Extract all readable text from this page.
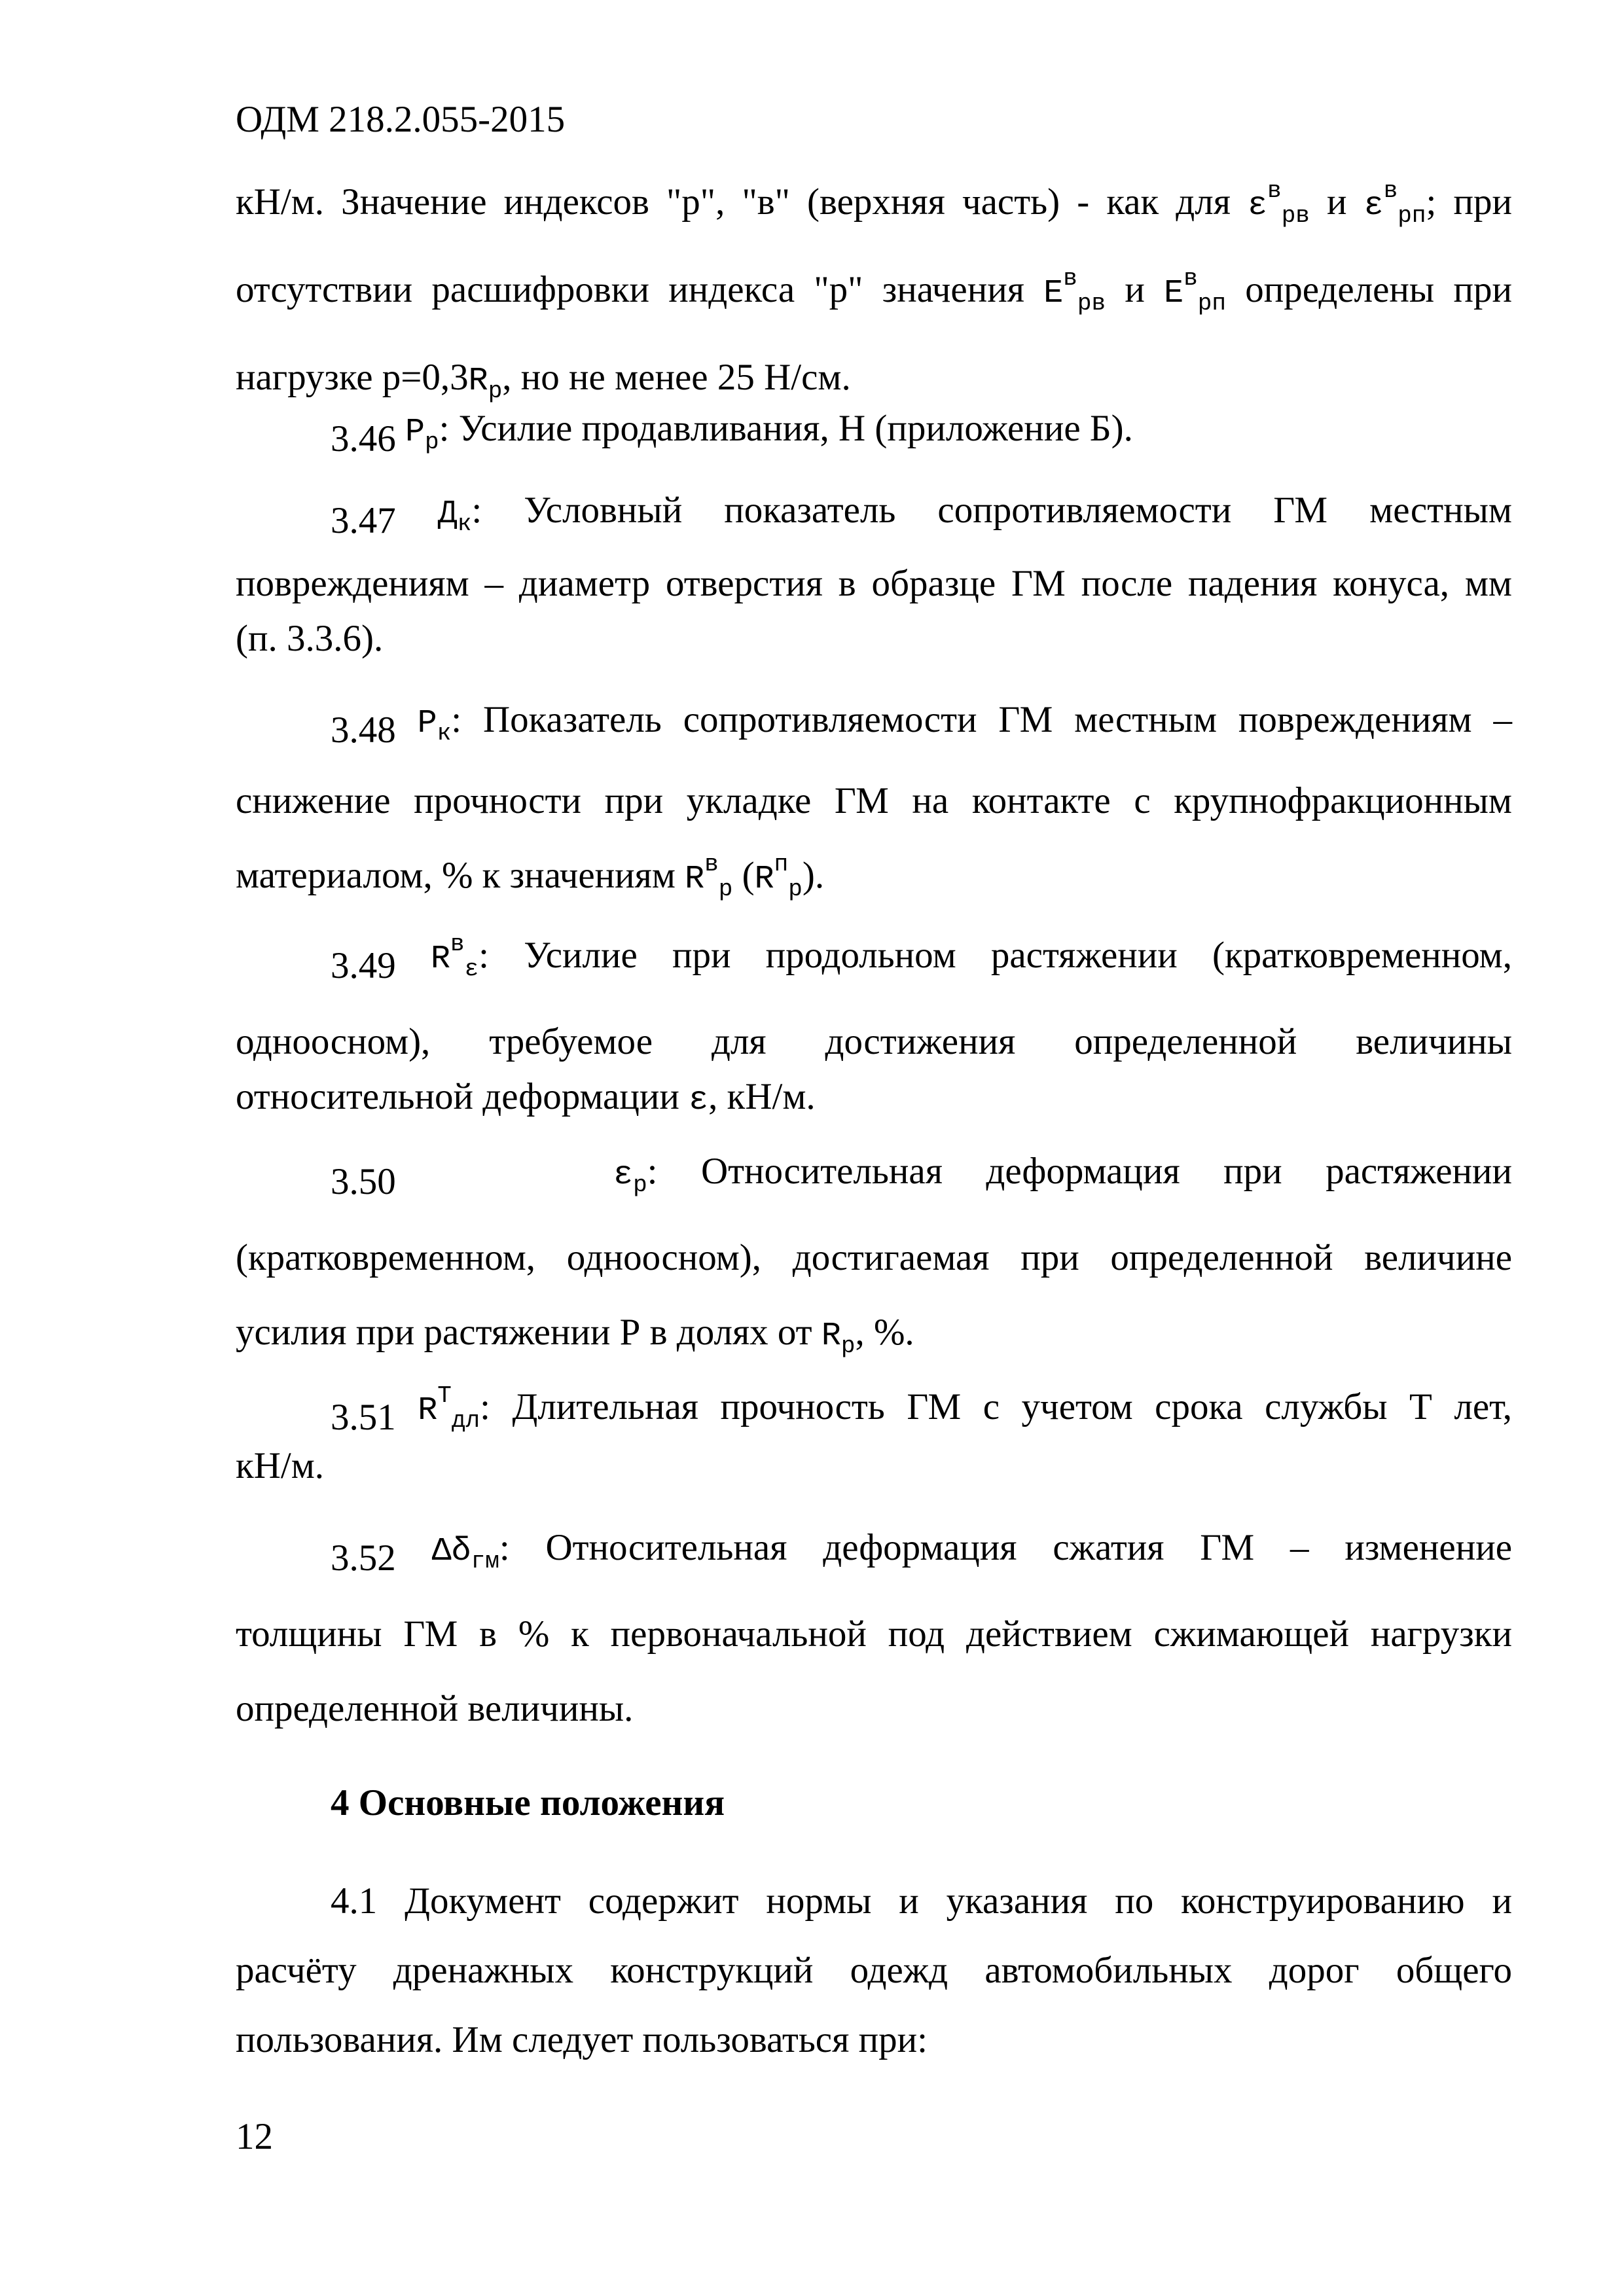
ОДМ 218.2.055-2015
кН/м. Значение индексов "р", "в" (верхняя часть) - как для $\varepsilon^в_{рв}$ и $\varepsilon^в_{рп}$; при
отсутствии расшифровки индекса "р" значения $E^в_{рв}$ и $E^в_{рп}$ определены при
нагрузке $р=0,3R_р$, но не менее 25 Н/см.
3.46 $P_р$: Усилие продавливания, Н (приложение Б).
3.47 $Д_к$: Условный показатель сопротивляемости ГМ местным
повреждениям – диаметр отверстия в образце ГМ после падения конуса, мм
(п. 3.3.6).
3.48 $P_к$: Показатель сопротивляемости ГМ местным повреждениям –
снижение прочности при укладке ГМ на контакте с крупнофракционным
материалом, % к значениям $R^в_р$ $(R^п_р)$.
3.49 $R^в_\varepsilon$: Усилие при продольном растяжении (кратковременном,
одноосном), требуемое для достижения определенной величины
относительной деформации ε, кН/м.
3.50	$\varepsilon_р$: Относительная деформация при растяжении
(кратковременном, одноосном), достигаемая при определенной величине
усилия при растяжении Р в долях от $R_р$, %.
3.51 $R^T_{дл}$: Длительная прочность ГМ с учетом срока службы Т лет,
кН/м.
3.52 $\Delta\delta_{гм}$: Относительная деформация сжатия ГМ – изменение
толщины ГМ в % к первоначальной под действием сжимающей нагрузки
определенной величины.
4 Основные положения
4.1 Документ содержит нормы и указания по конструированию и
расчёту дренажных конструкций одежд автомобильных дорог общего
пользования. Им следует пользоваться при:
12
